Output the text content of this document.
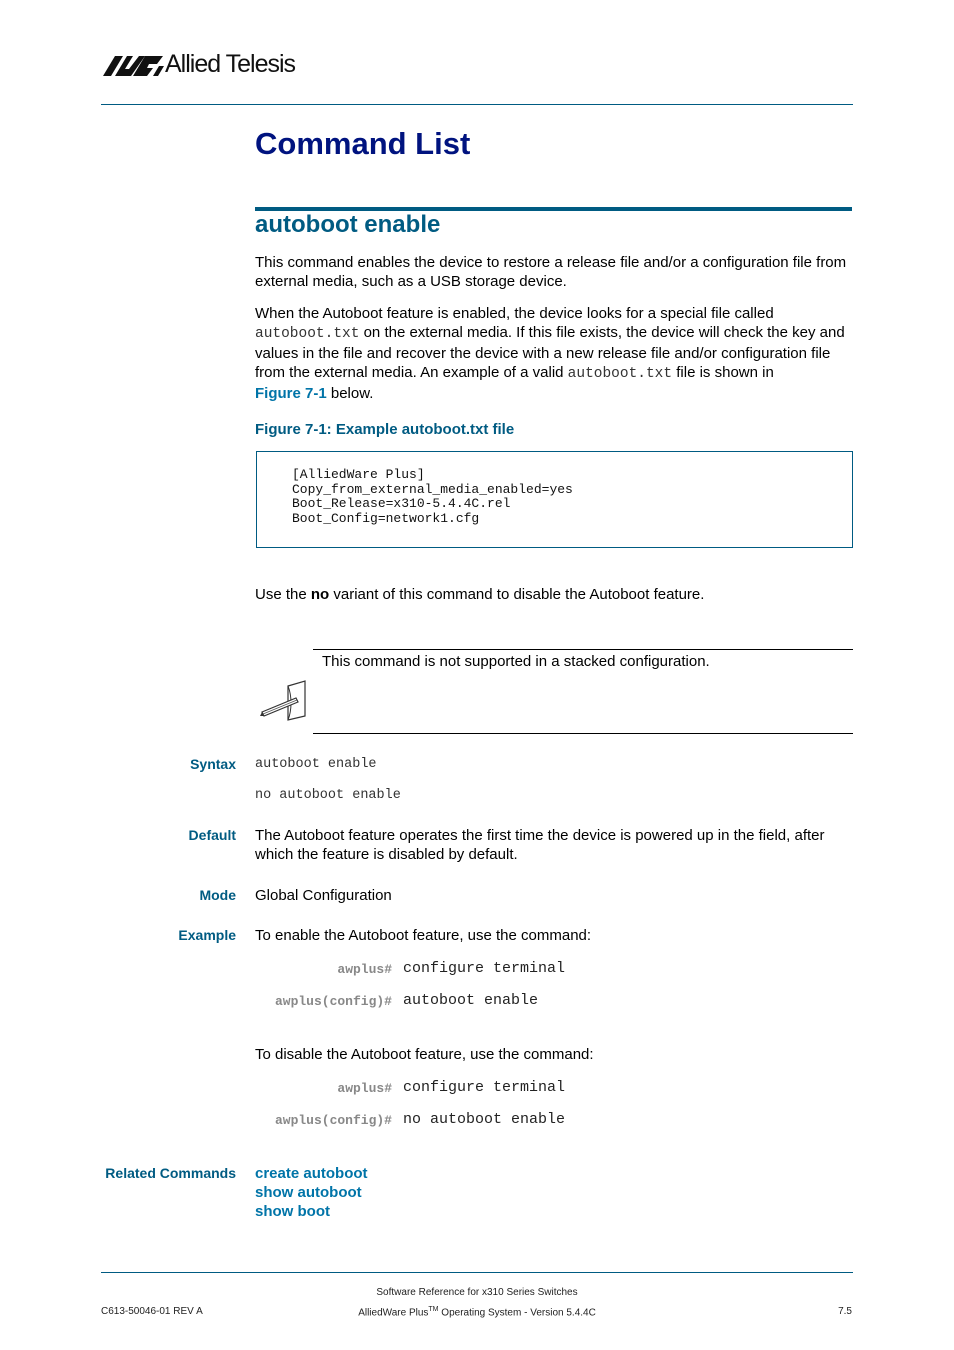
Allied Telesis
Command List
autoboot enable
This command enables the device to restore a release file and/or a configuration file from external media, such as a USB storage device.
When the Autoboot feature is enabled, the device looks for a special file called
autoboot.txt on the external media. If this file exists, the device will check the key and values in the file and recover the device with a new release file and/or configuration file from the external media. An example of a valid autoboot.txt file is shown in
Figure 7-1 below.
Figure 7-1: Example autoboot.txt file
[AlliedWare Plus]
Copy_from_external_media_enabled=yes
Boot_Release=x310-5.4.4C.rel
Boot_Config=network1.cfg
Use the no variant of this command to disable the Autoboot feature.
This command is not supported in a stacked configuration.
Syntax autoboot enable
no autoboot enable
Default The Autoboot feature operates the first time the device is powered up in the field, after which the feature is disabled by default.
Mode Global Configuration
Example To enable the Autoboot feature, use the command:
awplus# configure terminal
awplus(config)# autoboot enable
To disable the Autoboot feature, use the command:
awplus# configure terminal
awplus(config)# no autoboot enable
Related Commands create autoboot
show autoboot
show boot
C613-50046-01 REV A
Software Reference for x310 Series Switches
AlliedWare Plus™ Operating System - Version 5.4.4C	7.5
